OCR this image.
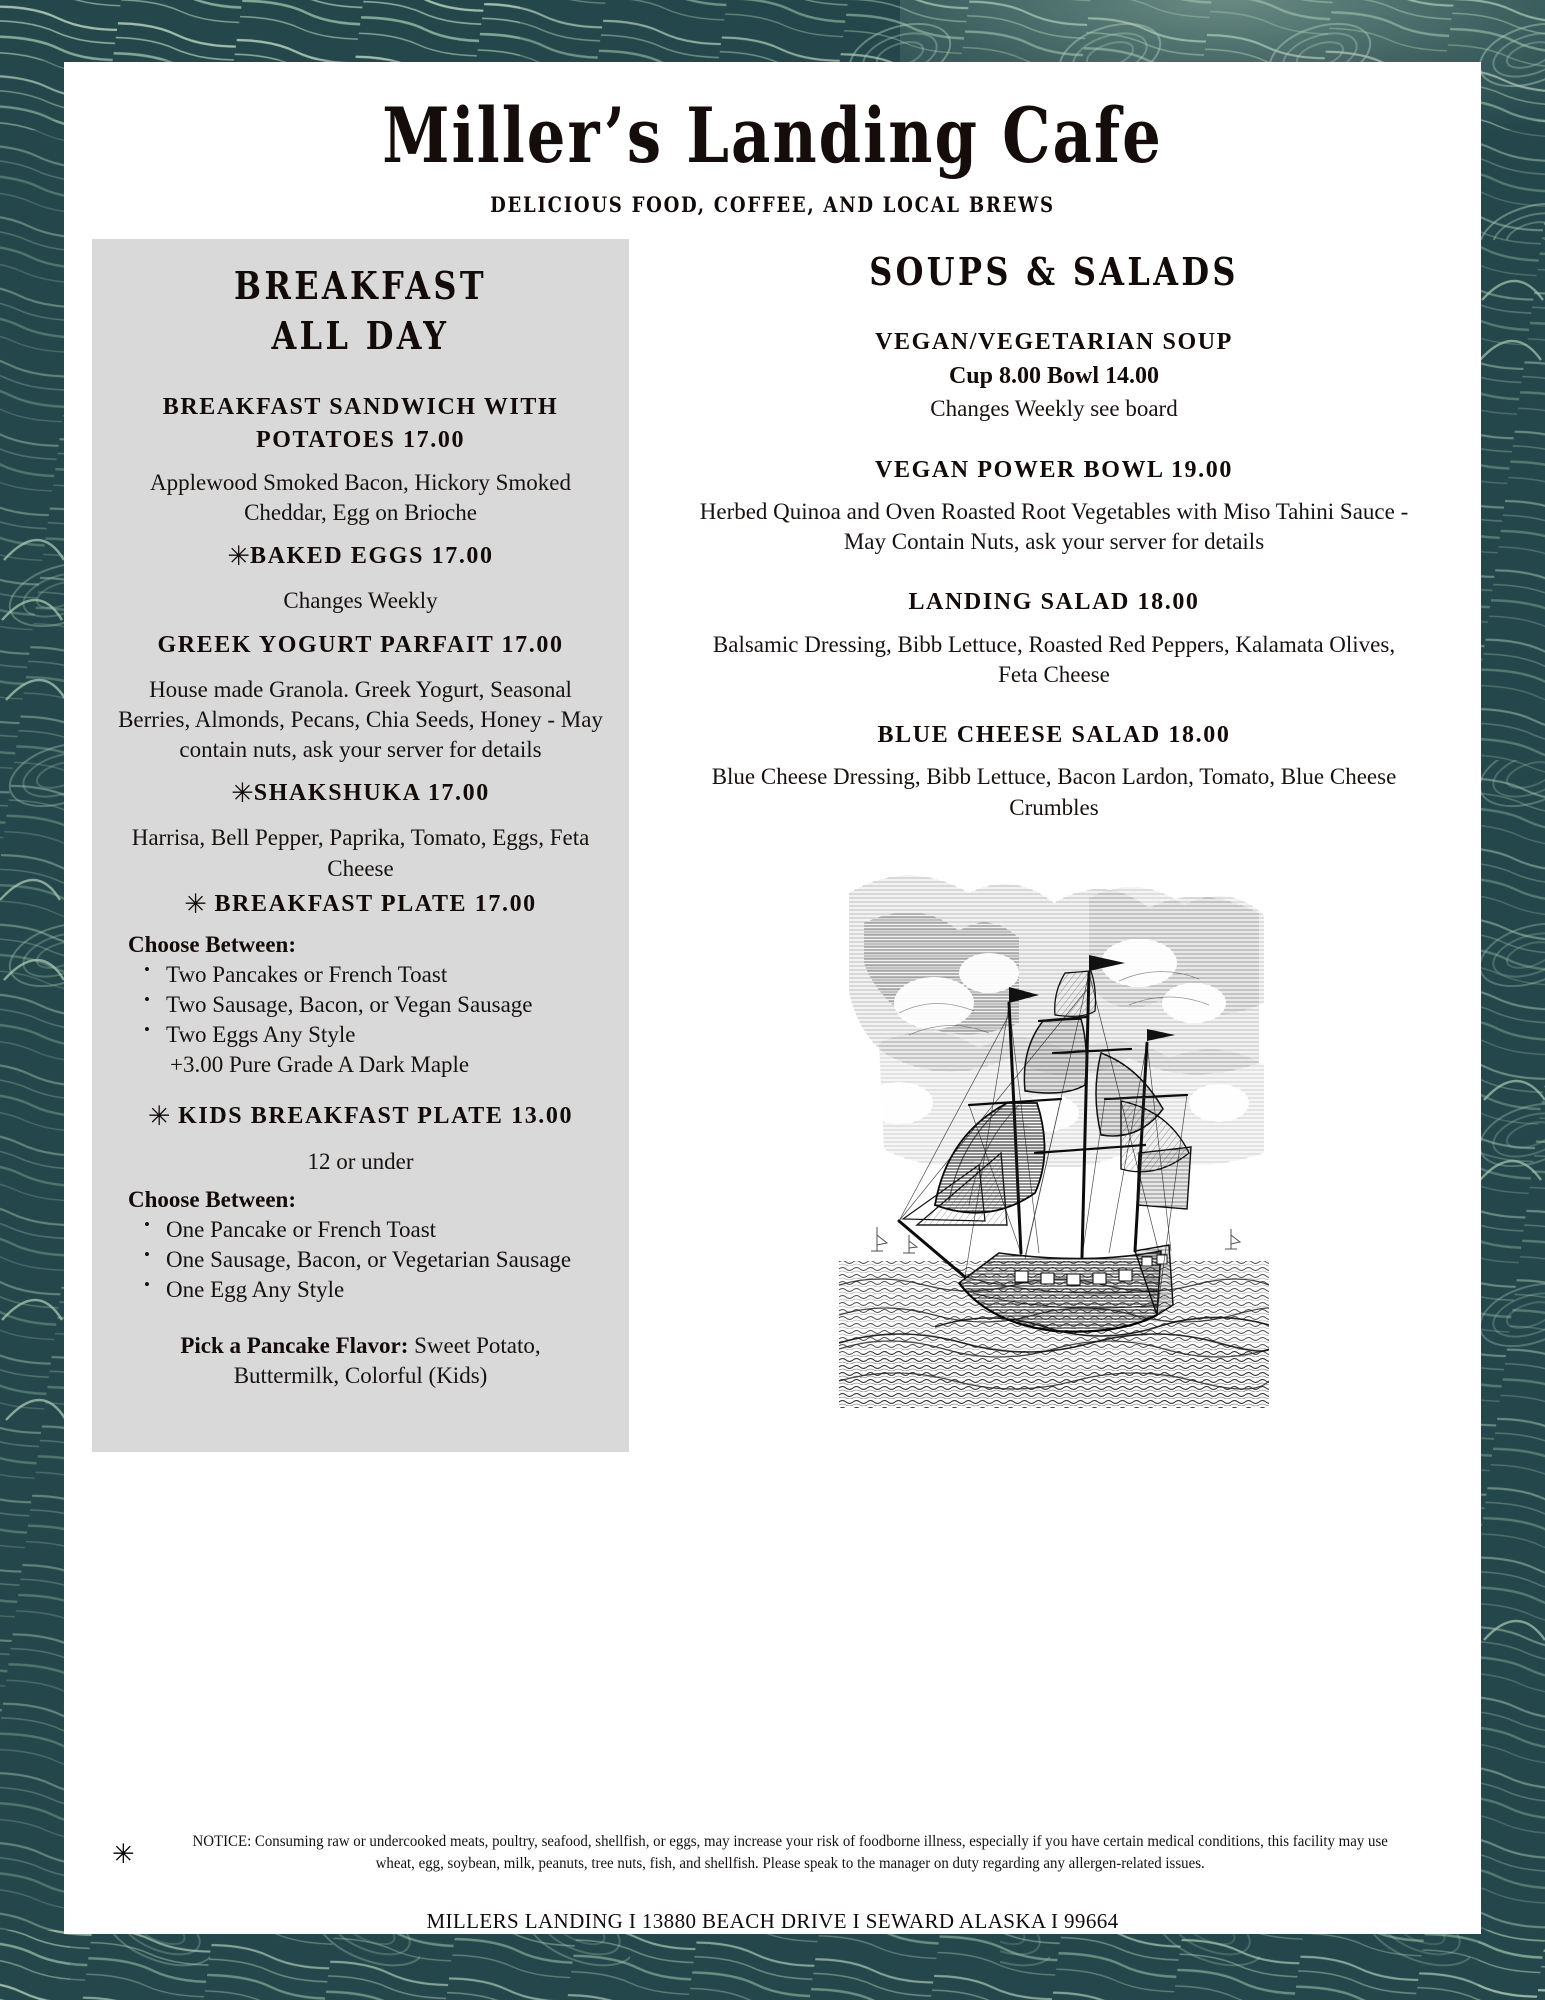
Miller’s Landing Cafe
DELICIOUS FOOD, COFFEE, AND LOCAL BREWS
BREAKFAST
ALL DAY
BREAKFAST SANDWICH WITH POTATOES 17.00
Applewood Smoked Bacon, Hickory Smoked Cheddar, Egg on Brioche
✳BAKED EGGS 17.00
Changes Weekly
GREEK YOGURT PARFAIT 17.00
House made Granola. Greek Yogurt, Seasonal Berries, Almonds, Pecans, Chia Seeds, Honey - May contain nuts, ask your server for details
✳SHAKSHUKA 17.00
Harrisa, Bell Pepper, Paprika, Tomato, Eggs, Feta Cheese
✳ BREAKFAST PLATE 17.00
Choose Between:
• Two Pancakes or French Toast
• Two Sausage, Bacon, or Vegan Sausage
• Two Eggs Any Style
+3.00 Pure Grade A Dark Maple
✳ KIDS BREAKFAST PLATE 13.00
12 or under
Choose Between:
• One Pancake or French Toast
• One Sausage, Bacon, or Vegetarian Sausage
• One Egg Any Style
Pick a Pancake Flavor: Sweet Potato, Buttermilk, Colorful (Kids)
SOUPS & SALADS
VEGAN/VEGETARIAN SOUP
Cup 8.00 Bowl 14.00
Changes Weekly see board
VEGAN POWER BOWL 19.00
Herbed Quinoa and Oven Roasted Root Vegetables with Miso Tahini Sauce - May Contain Nuts, ask your server for details
LANDING SALAD 18.00
Balsamic Dressing, Bibb Lettuce, Roasted Red Peppers, Kalamata Olives, Feta Cheese
BLUE CHEESE SALAD 18.00
Blue Cheese Dressing, Bibb Lettuce, Bacon Lardon, Tomato, Blue Cheese Crumbles
✳	NOTICE: Consuming raw or undercooked meats, poultry, seafood, shellfish, or eggs, may increase your risk of foodborne illness, especially if you have certain medical conditions, this facility may use wheat, egg, soybean, milk, peanuts, tree nuts, fish, and shellfish. Please speak to the manager on duty regarding any allergen-related issues.
MILLERS LANDING I 13880 BEACH DRIVE I SEWARD ALASKA I 99664
